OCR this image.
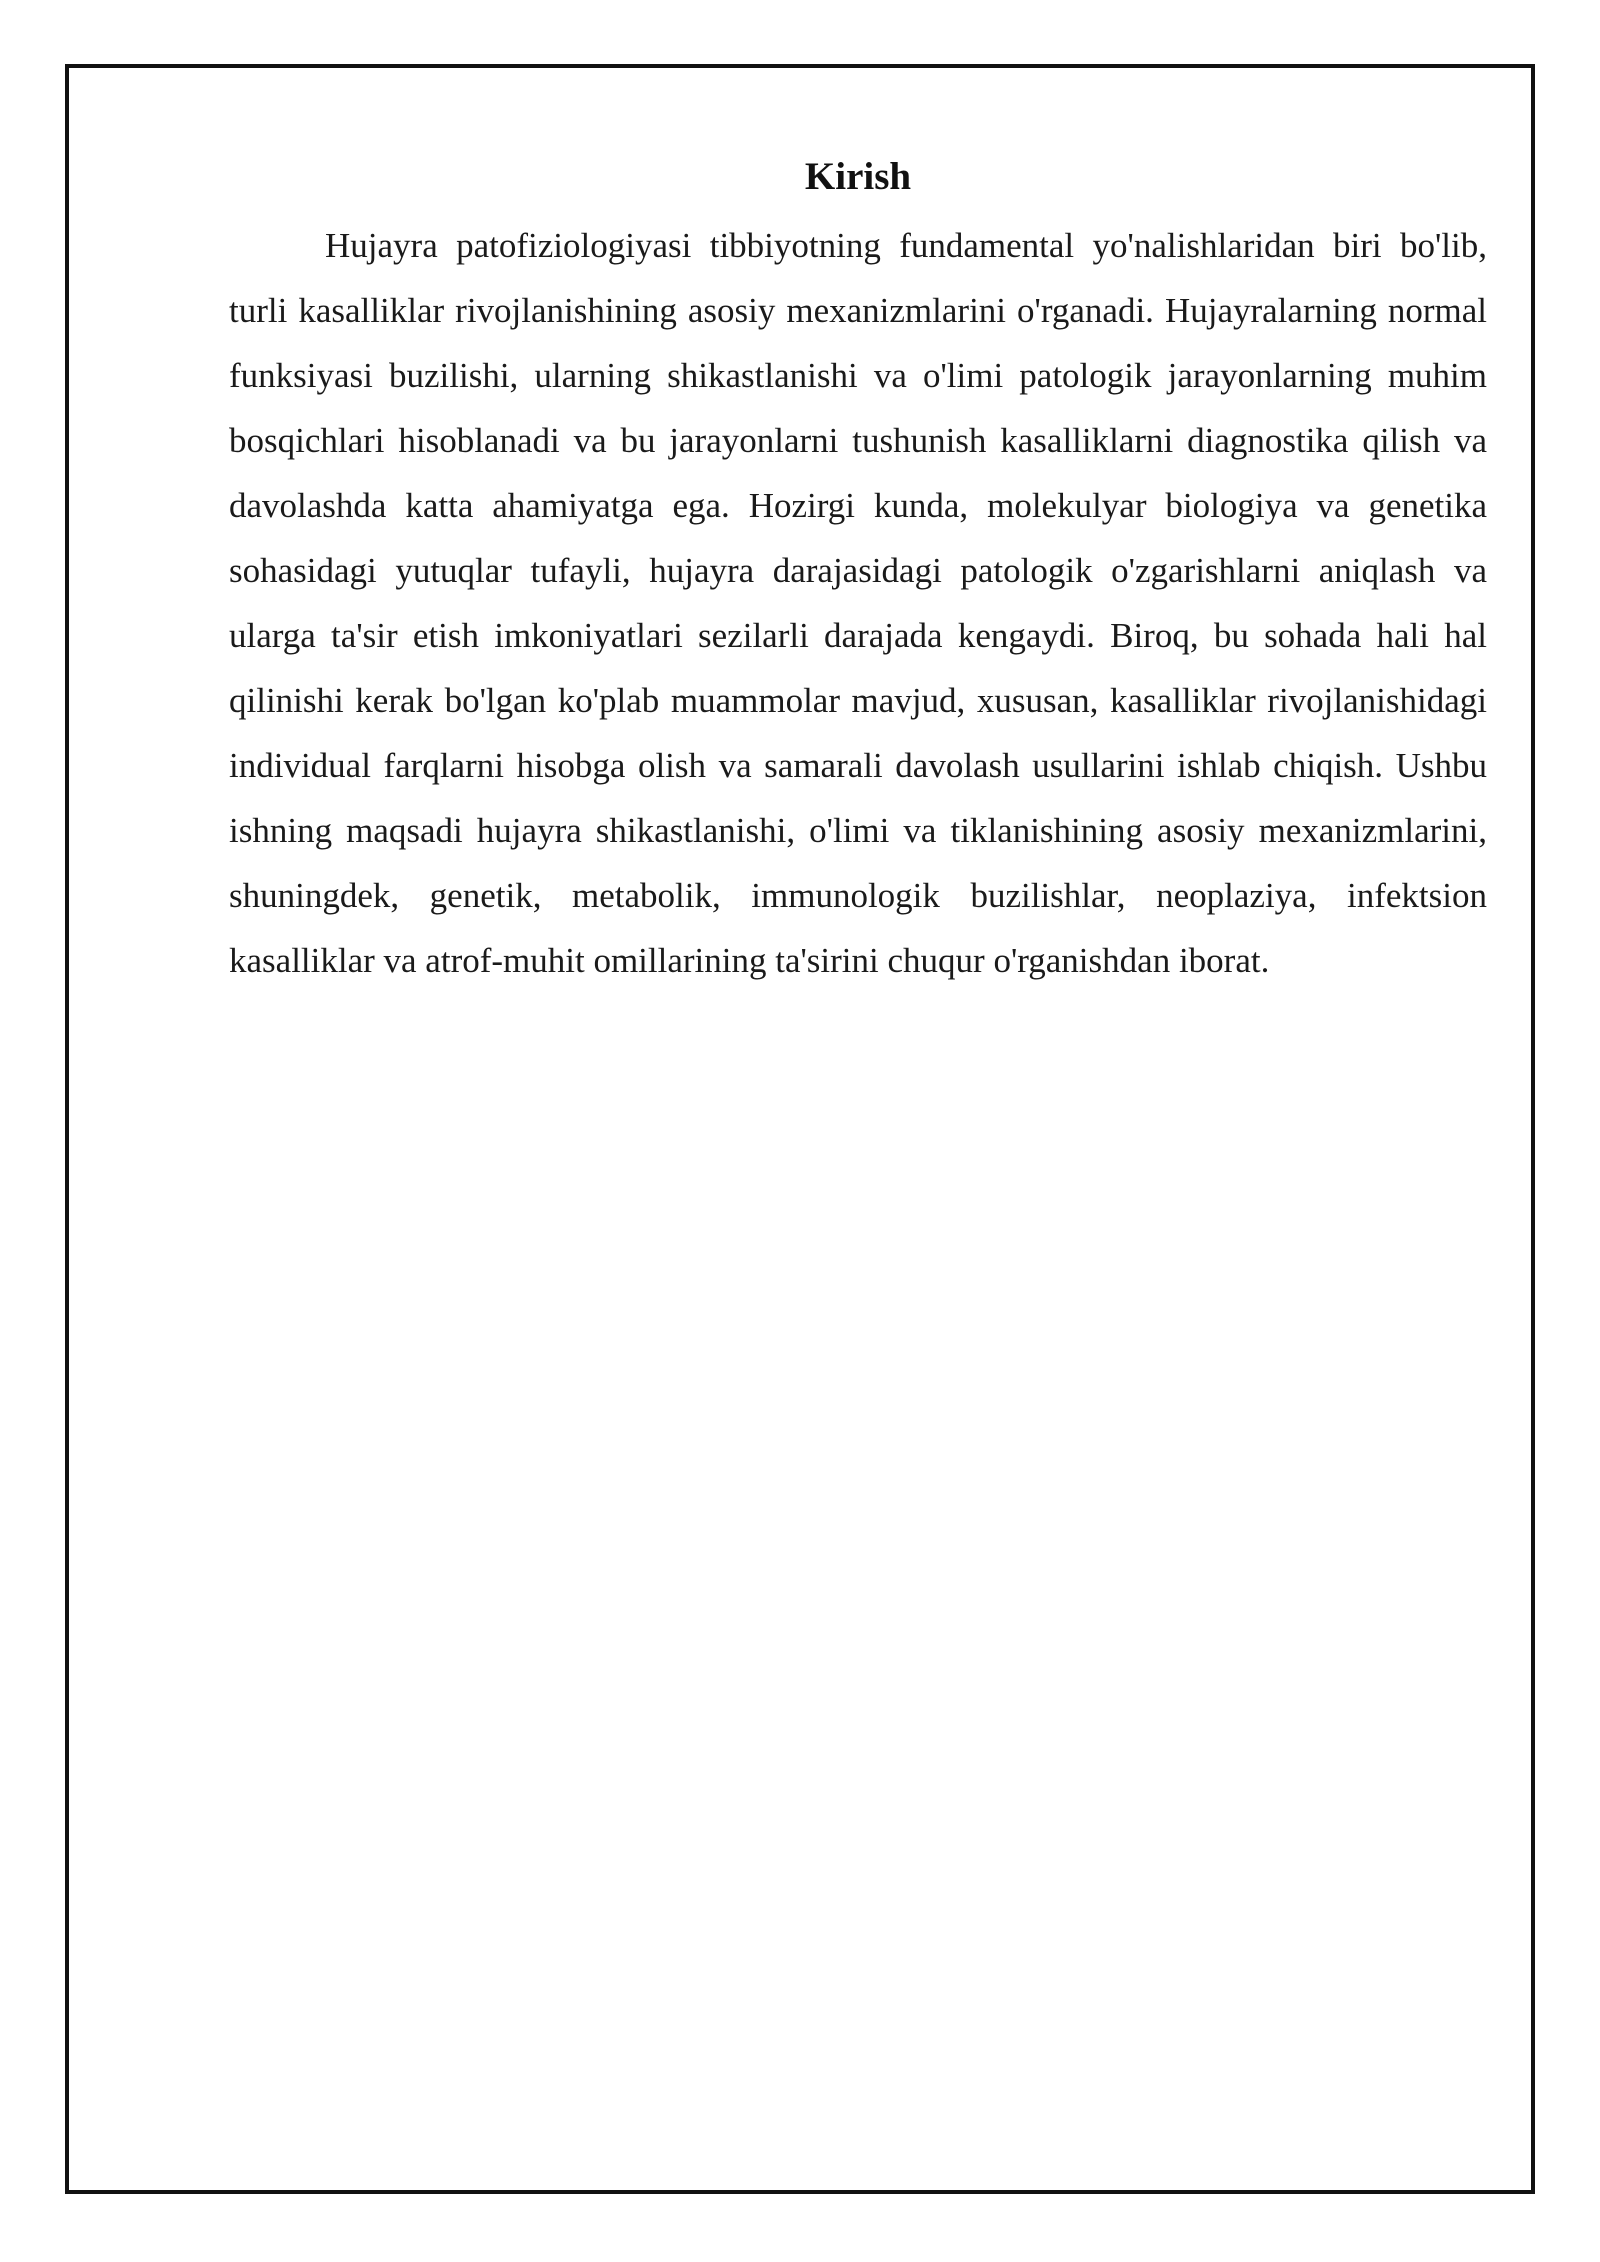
Kirish

Hujayra patofiziologiyasi tibbiyotning fundamental yo'nalishlaridan biri bo'lib, turli kasalliklar rivojlanishining asosiy mexanizmlarini o'rganadi. Hujayralarning normal funksiyasi buzilishi, ularning shikastlanishi va o'limi patologik jarayonlarning muhim bosqichlari hisoblanadi va bu jarayonlarni tushunish kasalliklarni diagnostika qilish va davolashda katta ahamiyatga ega. Hozirgi kunda, molekulyar biologiya va genetika sohasidagi yutuqlar tufayli, hujayra darajasidagi patologik o'zgarishlarni aniqlash va ularga ta'sir etish imkoniyatlari sezilarli darajada kengaydi. Biroq, bu sohada hali hal qilinishi kerak bo'lgan ko'plab muammolar mavjud, xususan, kasalliklar rivojlanishidagi individual farqlarni hisobga olish va samarali davolash usullarini ishlab chiqish. Ushbu ishning maqsadi hujayra shikastlanishi, o'limi va tiklanishining asosiy mexanizmlarini, shuningdek, genetik, metabolik, immunologik buzilishlar, neoplaziya, infektsion kasalliklar va atrof-muhit omillarining ta'sirini chuqur o'rganishdan iborat.
